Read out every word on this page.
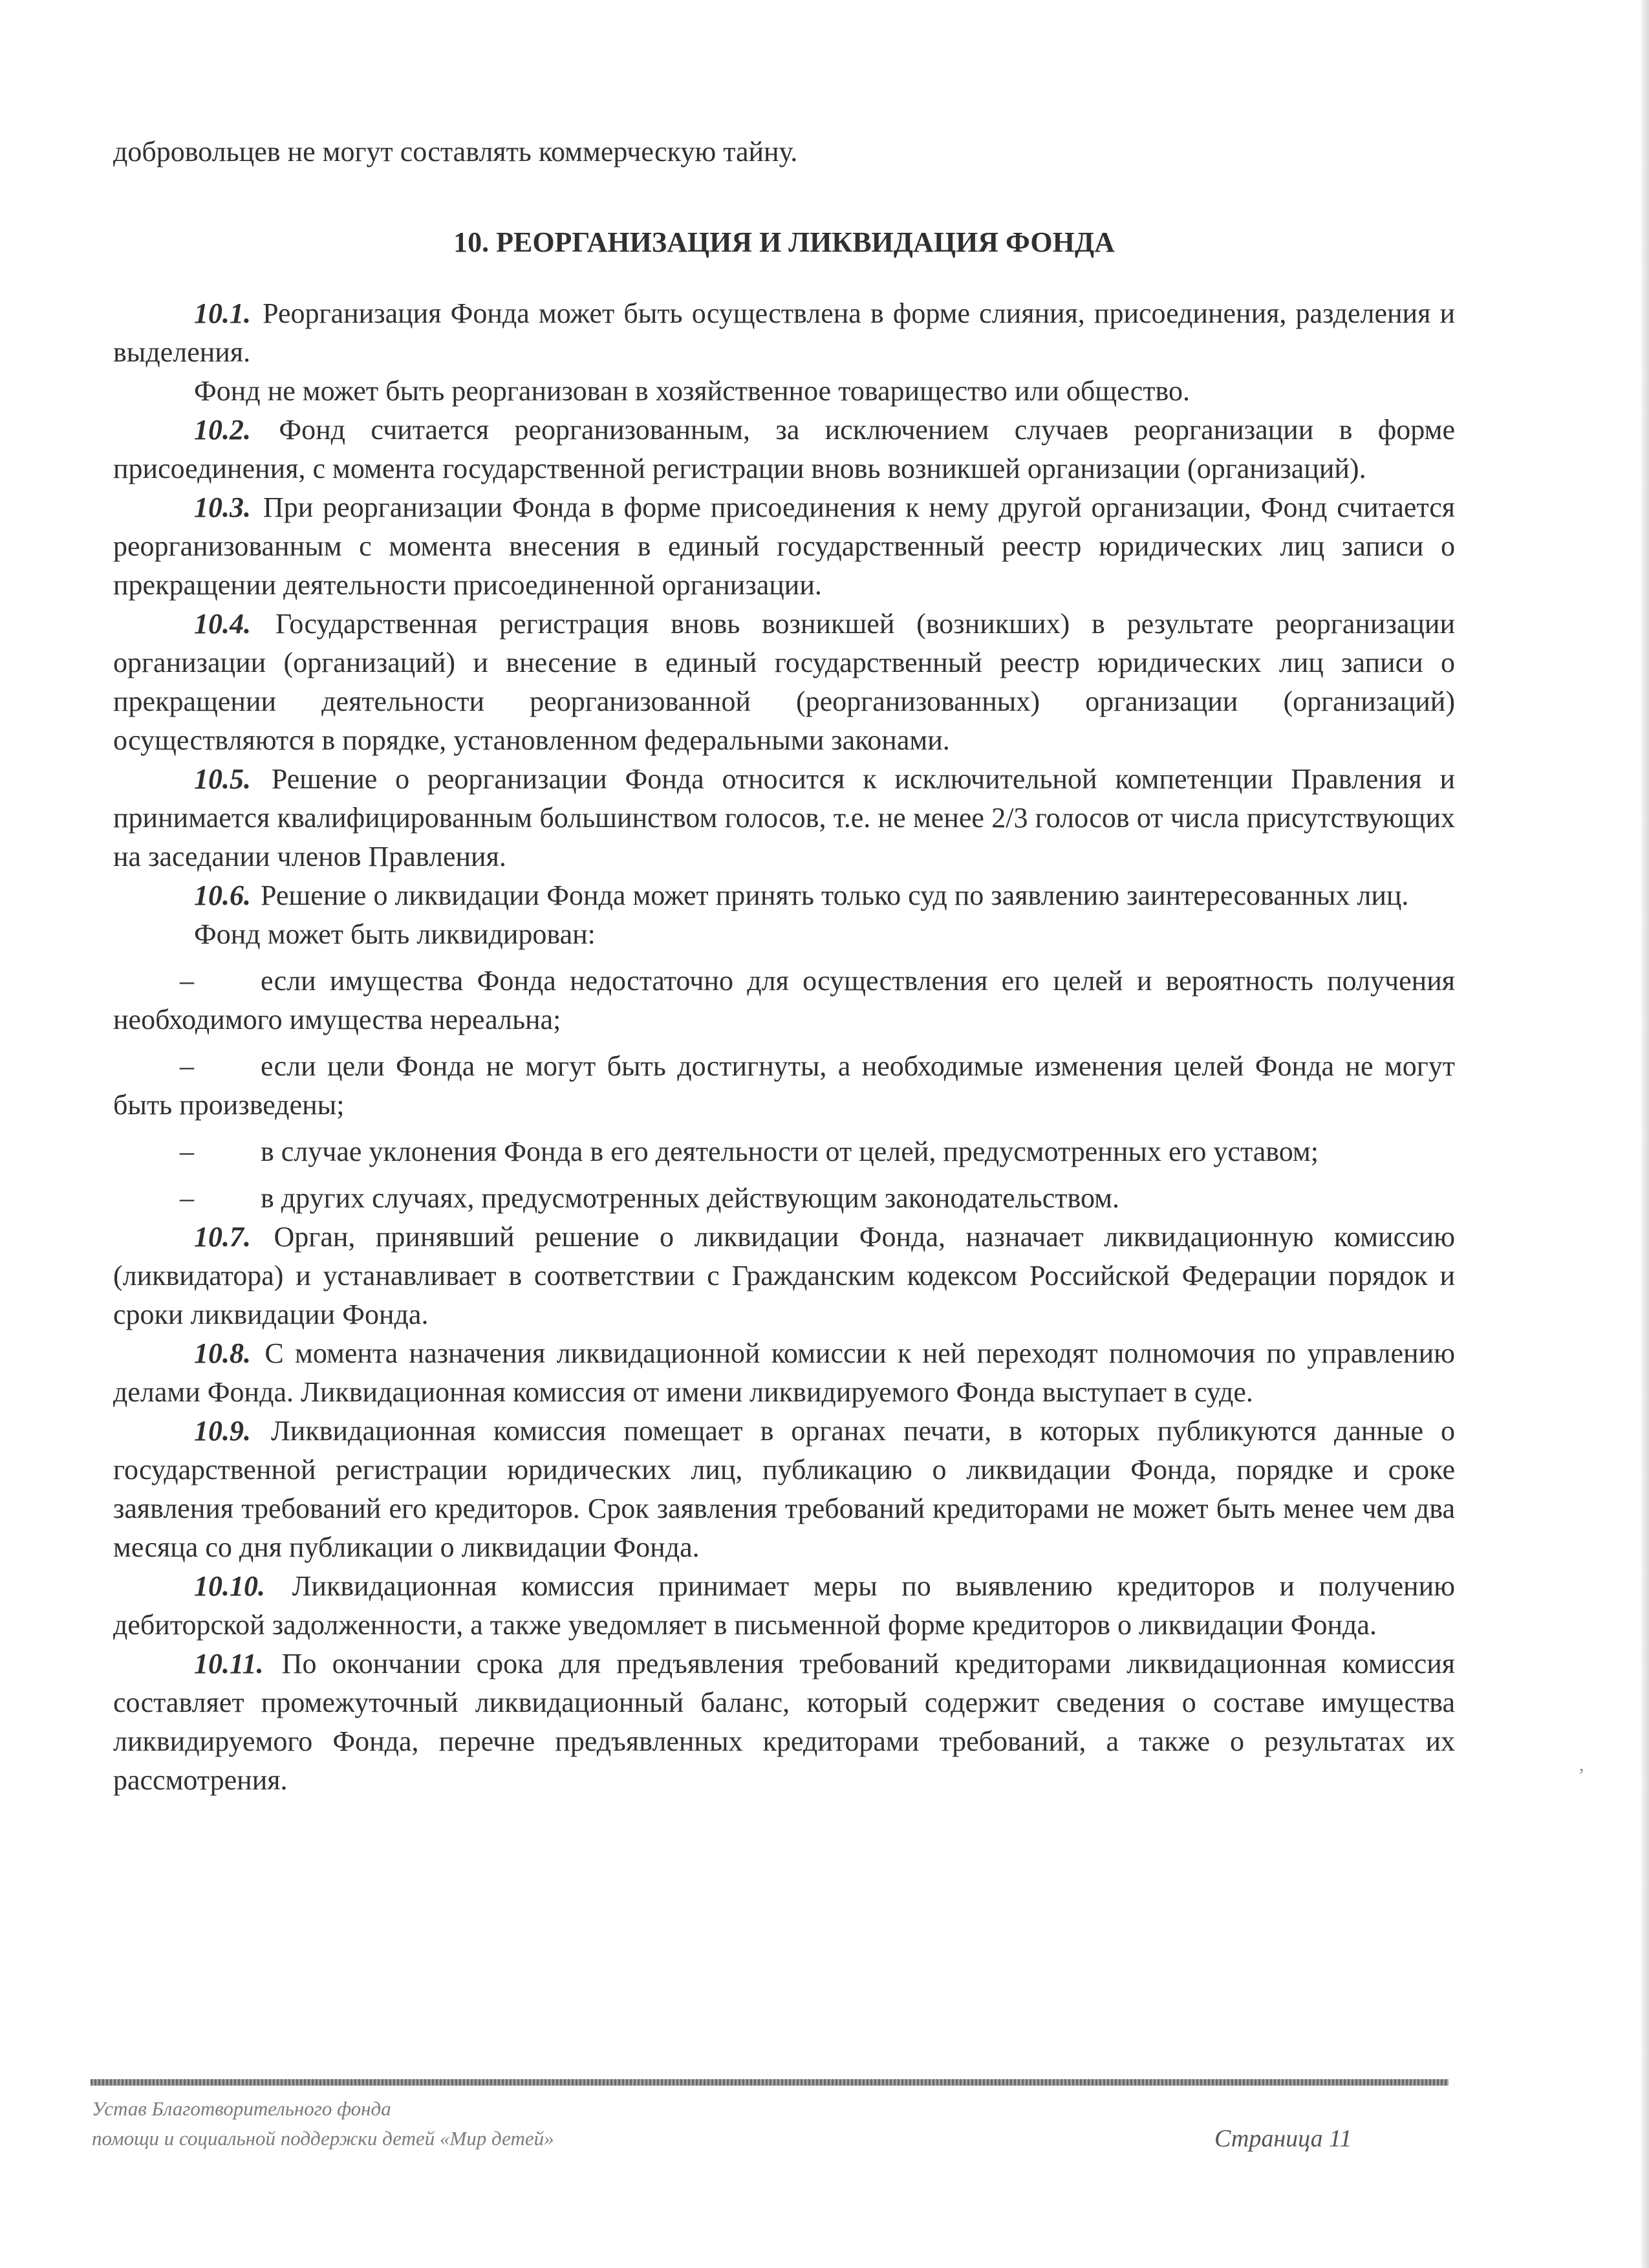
добровольцев не могут составлять коммерческую тайну.

10. РЕОРГАНИЗАЦИЯ И ЛИКВИДАЦИЯ ФОНДА

10.1. Реорганизация Фонда может быть осуществлена в форме слияния, присоединения, разделения и выделения.

Фонд не может быть реорганизован в хозяйственное товарищество или общество.

10.2. Фонд считается реорганизованным, за исключением случаев реорганизации в форме присоединения, с момента государственной регистрации вновь возникшей организации (организаций).

10.3. При реорганизации Фонда в форме присоединения к нему другой организации, Фонд считается реорганизованным с момента внесения в единый государственный реестр юридических лиц записи о прекращении деятельности присоединенной организации.

10.4. Государственная регистрация вновь возникшей (возникших) в результате реорганизации организации (организаций) и внесение в единый государственный реестр юридических лиц записи о прекращении деятельности реорганизованной (реорганизованных) организации (организаций) осуществляются в порядке, установленном федеральными законами.

10.5. Решение о реорганизации Фонда относится к исключительной компетенции Правления и принимается квалифицированным большинством голосов, т.е. не менее 2/3 голосов от числа присутствующих на заседании членов Правления.

10.6. Решение о ликвидации Фонда может принять только суд по заявлению заинтересованных лиц.

Фонд может быть ликвидирован:

– если имущества Фонда недостаточно для осуществления его целей и вероятность получения необходимого имущества нереальна;

– если цели Фонда не могут быть достигнуты, а необходимые изменения целей Фонда не могут быть произведены;

– в случае уклонения Фонда в его деятельности от целей, предусмотренных его уставом;

– в других случаях, предусмотренных действующим законодательством.

10.7. Орган, принявший решение о ликвидации Фонда, назначает ликвидационную комиссию (ликвидатора) и устанавливает в соответствии с Гражданским кодексом Российской Федерации порядок и сроки ликвидации Фонда.

10.8. С момента назначения ликвидационной комиссии к ней переходят полномочия по управлению делами Фонда. Ликвидационная комиссия от имени ликвидируемого Фонда выступает в суде.

10.9. Ликвидационная комиссия помещает в органах печати, в которых публикуются данные о государственной регистрации юридических лиц, публикацию о ликвидации Фонда, порядке и сроке заявления требований его кредиторов. Срок заявления требований кредиторами не может быть менее чем два месяца со дня публикации о ликвидации Фонда.

10.10. Ликвидационная комиссия принимает меры по выявлению кредиторов и получению дебиторской задолженности, а также уведомляет в письменной форме кредиторов о ликвидации Фонда.

10.11. По окончании срока для предъявления требований кредиторами ликвидационная комиссия составляет промежуточный ликвидационный баланс, который содержит сведения о составе имущества ликвидируемого Фонда, перечне предъявленных кредиторами требований, а также о результатах их рассмотрения.	,
Устав Благотворительного фонда
помощи и социальной поддержки детей «Мир детей»	Страница 11
